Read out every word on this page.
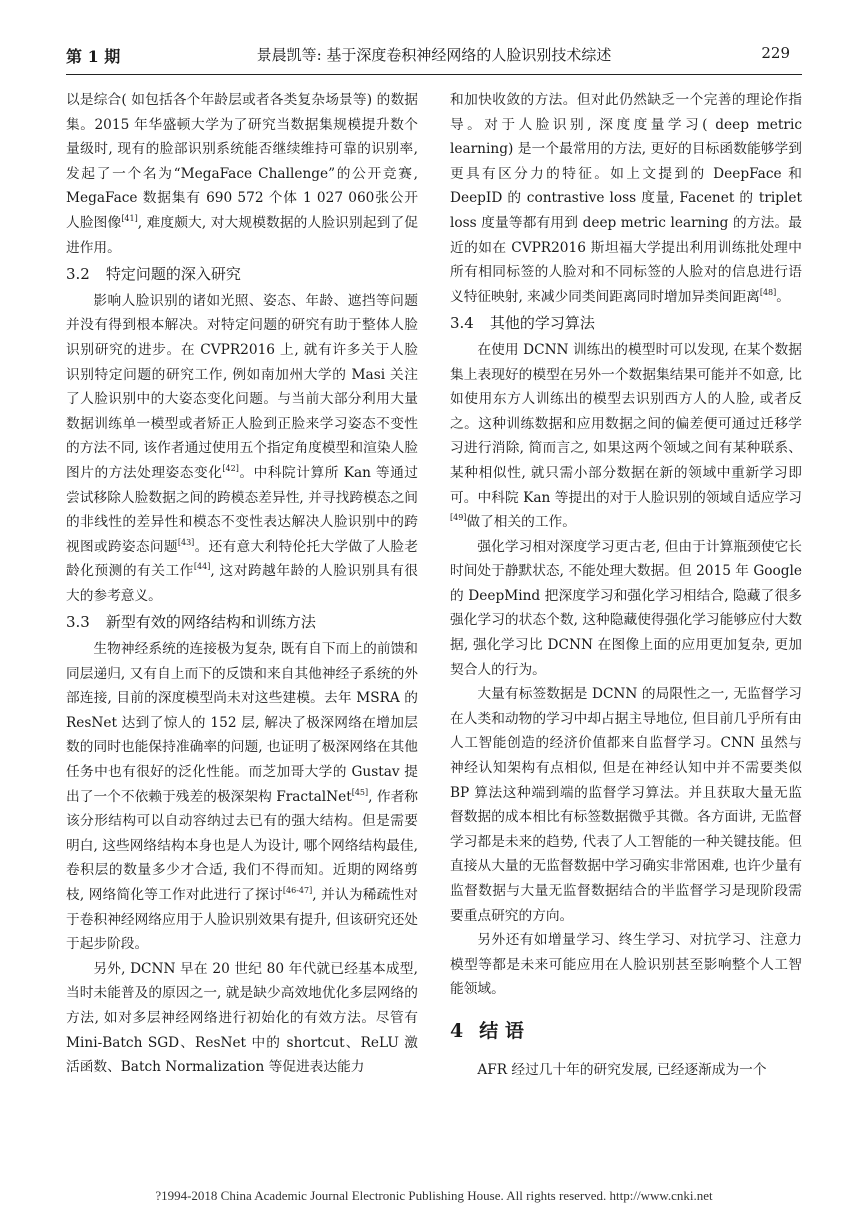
第 1 期	景晨凯等: 基于深度卷积神经网络的人脸识别技术综述	229

以是综合( 如包括各个年龄层或者各类复杂场景等) 的数据集。2015 年华盛顿大学为了研究当数据集规模提升数个量级时, 现有的脸部识别系统能否继续维持可靠的识别率, 发起了一个名为“MegaFace Challenge”的公开竞赛, MegaFace 数据集有 690 572 个体 1 027 060张公开人脸图像[41], 难度颇大, 对大规模数据的人脸识别起到了促进作用。

3.2 特定问题的深入研究

影响人脸识别的诸如光照、姿态、年龄、遮挡等问题并没有得到根本解决。对特定问题的研究有助于整体人脸识别研究的进步。在 CVPR2016 上, 就有许多关于人脸识别特定问题的研究工作, 例如南加州大学的 Masi 关注了人脸识别中的大姿态变化问题。与当前大部分利用大量数据训练单一模型或者矫正人脸到正脸来学习姿态不变性的方法不同, 该作者通过使用五个指定角度模型和渲染人脸图片的方法处理姿态变化[42]。中科院计算所 Kan 等通过尝试移除人脸数据之间的跨模态差异性, 并寻找跨模态之间的非线性的差异性和模态不变性表达解决人脸识别中的跨视图或跨姿态问题[43]。还有意大利特伦托大学做了人脸老龄化预测的有关工作[44], 这对跨越年龄的人脸识别具有很大的参考意义。

3.3 新型有效的网络结构和训练方法

生物神经系统的连接极为复杂, 既有自下而上的前馈和同层递归, 又有自上而下的反馈和来自其他神经子系统的外部连接, 目前的深度模型尚未对这些建模。去年 MSRA 的 ResNet 达到了惊人的 152 层, 解决了极深网络在增加层数的同时也能保持准确率的问题, 也证明了极深网络在其他任务中也有很好的泛化性能。而芝加哥大学的 Gustav 提出了一个不依赖于残差的极深架构 FractalNet[45], 作者称该分形结构可以自动容纳过去已有的强大结构。但是需要明白, 这些网络结构本身也是人为设计, 哪个网络结构最佳, 卷积层的数量多少才合适, 我们不得而知。近期的网络剪枝, 网络简化等工作对此进行了探讨[46-47], 并认为稀疏性对于卷积神经网络应用于人脸识别效果有提升, 但该研究还处于起步阶段。

另外, DCNN 早在 20 世纪 80 年代就已经基本成型, 当时未能普及的原因之一, 就是缺少高效地优化多层网络的方法, 如对多层神经网络进行初始化的有效方法。尽管有 Mini-Batch SGD、ResNet 中的 shortcut、ReLU 激活函数、Batch Normalization 等促进表达能力

和加快收敛的方法。但对此仍然缺乏一个完善的理论作指导。对于人脸识别, 深度度量学习( deep metric learning) 是一个最常用的方法, 更好的目标函数能够学到更具有区分力的特征。如上文提到的 DeepFace 和 DeepID 的 contrastive loss 度量, Facenet 的 triplet loss 度量等都有用到 deep metric learning 的方法。最近的如在 CVPR2016 斯坦福大学提出利用训练批处理中所有相同标签的人脸对和不同标签的人脸对的信息进行语义特征映射, 来减少同类间距离同时增加异类间距离[48]。

3.4 其他的学习算法

在使用 DCNN 训练出的模型时可以发现, 在某个数据集上表现好的模型在另外一个数据集结果可能并不如意, 比如使用东方人训练出的模型去识别西方人的人脸, 或者反之。这种训练数据和应用数据之间的偏差便可通过迁移学习进行消除, 简而言之, 如果这两个领域之间有某种联系、某种相似性, 就只需小部分数据在新的领域中重新学习即可。中科院 Kan 等提出的对于人脸识别的领域自适应学习[49]做了相关的工作。

强化学习相对深度学习更古老, 但由于计算瓶颈使它长时间处于静默状态, 不能处理大数据。但 2015 年 Google 的 DeepMind 把深度学习和强化学习相结合, 隐藏了很多强化学习的状态个数, 这种隐藏使得强化学习能够应付大数据, 强化学习比 DCNN 在图像上面的应用更加复杂, 更加契合人的行为。

大量有标签数据是 DCNN 的局限性之一, 无监督学习在人类和动物的学习中却占据主导地位, 但目前几乎所有由人工智能创造的经济价值都来自监督学习。CNN 虽然与神经认知架构有点相似, 但是在神经认知中并不需要类似 BP 算法这种端到端的监督学习算法。并且获取大量无监督数据的成本相比有标签数据微乎其微。各方面讲, 无监督学习都是未来的趋势, 代表了人工智能的一种关键技能。但直接从大量的无监督数据中学习确实非常困难, 也许少量有监督数据与大量无监督数据结合的半监督学习是现阶段需要重点研究的方向。

另外还有如增量学习、终生学习、对抗学习、注意力模型等都是未来可能应用在人脸识别甚至影响整个人工智能领域。

4 结 语

AFR 经过几十年的研究发展, 已经逐渐成为一个

?1994-2018 China Academic Journal Electronic Publishing House. All rights reserved. http://www.cnki.net
